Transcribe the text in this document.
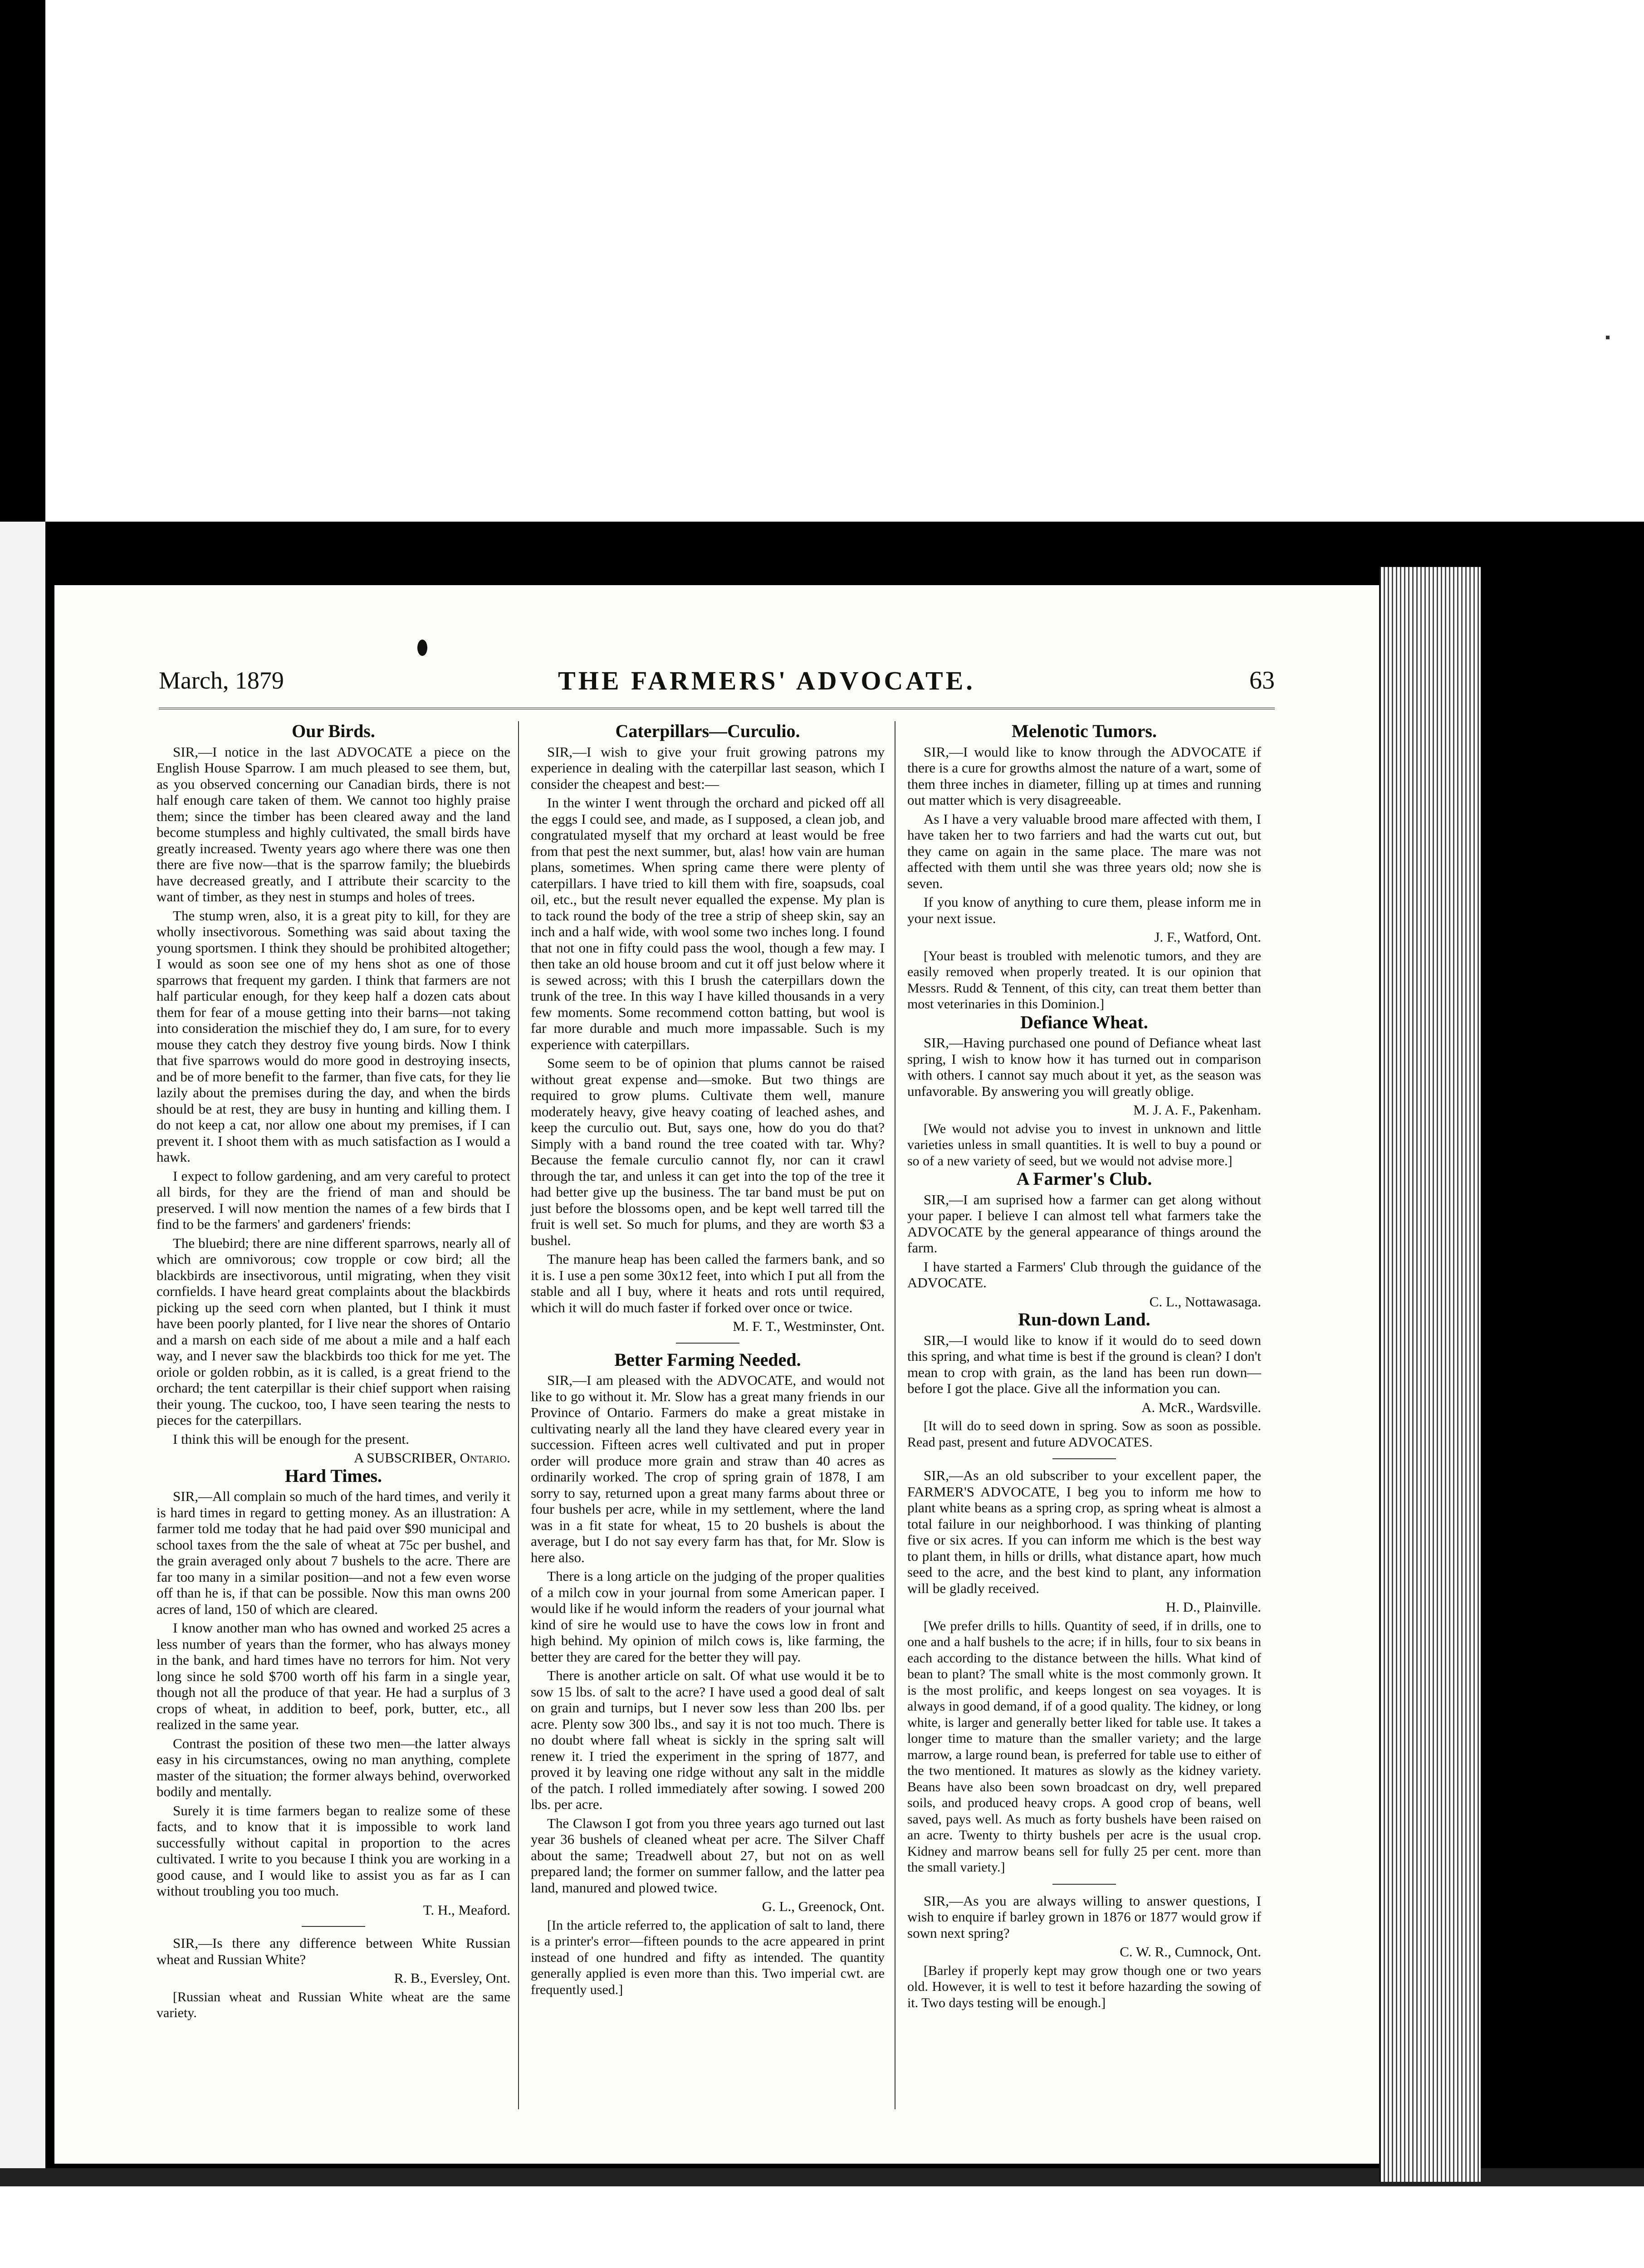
March, 1879	THE FARMERS' ADVOCATE.	63
Our Birds.

SIR,—I notice in the last ADVOCATE a piece on the English House Sparrow. I am much pleased to see them, but, as you observed concerning our Canadian birds, there is not half enough care taken of them. We cannot too highly praise them; since the timber has been cleared away and the land become stumpless and highly cultivated, the small birds have greatly increased. Twenty years ago where there was one then there are five now—that is the sparrow family; the bluebirds have decreased greatly, and I attribute their scarcity to the want of timber, as they nest in stumps and holes of trees.

The stump wren, also, it is a great pity to kill, for they are wholly insectivorous. Something was said about taxing the young sportsmen. I think they should be prohibited altogether; I would as soon see one of my hens shot as one of those sparrows that frequent my garden. I think that farmers are not half particular enough, for they keep half a dozen cats about them for fear of a mouse getting into their barns—not taking into consideration the mischief they do, I am sure, for to every mouse they catch they destroy five young birds. Now I think that five sparrows would do more good in destroying insects, and be of more benefit to the farmer, than five cats, for they lie lazily about the premises during the day, and when the birds should be at rest, they are busy in hunting and killing them. I do not keep a cat, nor allow one about my premises, if I can prevent it. I shoot them with as much satisfaction as I would a hawk.

I expect to follow gardening, and am very careful to protect all birds, for they are the friend of man and should be preserved. I will now mention the names of a few birds that I find to be the farmers' and gardeners' friends:

The bluebird; there are nine different sparrows, nearly all of which are omnivorous; cow tropple or cow bird; all the blackbirds are insectivorous, until migrating, when they visit cornfields. I have heard great complaints about the blackbirds picking up the seed corn when planted, but I think it must have been poorly planted, for I live near the shores of Ontario and a marsh on each side of me about a mile and a half each way, and I never saw the blackbirds too thick for me yet. The oriole or golden robbin, as it is called, is a great friend to the orchard; the tent caterpillar is their chief support when raising their young. The cuckoo, too, I have seen tearing the nests to pieces for the caterpillars.

I think this will be enough for the present.

A SUBSCRIBER, Ontario.

Hard Times.

SIR,—All complain so much of the hard times, and verily it is hard times in regard to getting money. As an illustration: A farmer told me today that he had paid over $90 municipal and school taxes from the the sale of wheat at 75c per bushel, and the grain averaged only about 7 bushels to the acre. There are far too many in a similar position—and not a few even worse off than he is, if that can be possible. Now this man owns 200 acres of land, 150 of which are cleared.

I know another man who has owned and worked 25 acres a less number of years than the former, who has always money in the bank, and hard times have no terrors for him. Not very long since he sold $700 worth off his farm in a single year, though not all the produce of that year. He had a surplus of 3 crops of wheat, in addition to beef, pork, butter, etc., all realized in the same year.

Contrast the position of these two men—the latter always easy in his circumstances, owing no man anything, complete master of the situation; the former always behind, overworked bodily and mentally.

Surely it is time farmers began to realize some of these facts, and to know that it is impossible to work land successfully without capital in proportion to the acres cultivated. I write to you because I think you are working in a good cause, and I would like to assist you as far as I can without troubling you too much.

T. H., Meaford.

SIR,—Is there any difference between White Russian wheat and Russian White?

R. B., Eversley, Ont.

[Russian wheat and Russian White wheat are the same variety.

Caterpillars—Curculio.

SIR,—I wish to give your fruit growing patrons my experience in dealing with the caterpillar last season, which I consider the cheapest and best:—

In the winter I went through the orchard and picked off all the eggs I could see, and made, as I supposed, a clean job, and congratulated myself that my orchard at least would be free from that pest the next summer, but, alas! how vain are human plans, sometimes. When spring came there were plenty of caterpillars. I have tried to kill them with fire, soapsuds, coal oil, etc., but the result never equalled the expense. My plan is to tack round the body of the tree a strip of sheep skin, say an inch and a half wide, with wool some two inches long. I found that not one in fifty could pass the wool, though a few may. I then take an old house broom and cut it off just below where it is sewed across; with this I brush the caterpillars down the trunk of the tree. In this way I have killed thousands in a very few moments. Some recommend cotton batting, but wool is far more durable and much more impassable. Such is my experience with caterpillars.

Some seem to be of opinion that plums cannot be raised without great expense and—smoke. But two things are required to grow plums. Cultivate them well, manure moderately heavy, give heavy coating of leached ashes, and keep the curculio out. But, says one, how do you do that? Simply with a band round the tree coated with tar. Why? Because the female curculio cannot fly, nor can it crawl through the tar, and unless it can get into the top of the tree it had better give up the business. The tar band must be put on just before the blossoms open, and be kept well tarred till the fruit is well set. So much for plums, and they are worth $3 a bushel.

The manure heap has been called the farmers bank, and so it is. I use a pen some 30x12 feet, into which I put all from the stable and all I buy, where it heats and rots until required, which it will do much faster if forked over once or twice.

M. F. T., Westminster, Ont.

Better Farming Needed.

SIR,—I am pleased with the ADVOCATE, and would not like to go without it. Mr. Slow has a great many friends in our Province of Ontario. Farmers do make a great mistake in cultivating nearly all the land they have cleared every year in succession. Fifteen acres well cultivated and put in proper order will produce more grain and straw than 40 acres as ordinarily worked. The crop of spring grain of 1878, I am sorry to say, returned upon a great many farms about three or four bushels per acre, while in my settlement, where the land was in a fit state for wheat, 15 to 20 bushels is about the average, but I do not say every farm has that, for Mr. Slow is here also.

There is a long article on the judging of the proper qualities of a milch cow in your journal from some American paper. I would like if he would inform the readers of your journal what kind of sire he would use to have the cows low in front and high behind. My opinion of milch cows is, like farming, the better they are cared for the better they will pay.

There is another article on salt. Of what use would it be to sow 15 lbs. of salt to the acre? I have used a good deal of salt on grain and turnips, but I never sow less than 200 lbs. per acre. Plenty sow 300 lbs., and say it is not too much. There is no doubt where fall wheat is sickly in the spring salt will renew it. I tried the experiment in the spring of 1877, and proved it by leaving one ridge without any salt in the middle of the patch. I rolled immediately after sowing. I sowed 200 lbs. per acre.

The Clawson I got from you three years ago turned out last year 36 bushels of cleaned wheat per acre. The Silver Chaff about the same; Treadwell about 27, but not on as well prepared land; the former on summer fallow, and the latter pea land, manured and plowed twice.

G. L., Greenock, Ont.

[In the article referred to, the application of salt to land, there is a printer's error—fifteen pounds to the acre appeared in print instead of one hundred and fifty as intended. The quantity generally applied is even more than this. Two imperial cwt. are frequently used.]

Melenotic Tumors.

SIR,—I would like to know through the ADVOCATE if there is a cure for growths almost the nature of a wart, some of them three inches in diameter, filling up at times and running out matter which is very disagreeable.

As I have a very valuable brood mare affected with them, I have taken her to two farriers and had the warts cut out, but they came on again in the same place. The mare was not affected with them until she was three years old; now she is seven.

If you know of anything to cure them, please inform me in your next issue.

J. F., Watford, Ont.

[Your beast is troubled with melenotic tumors, and they are easily removed when properly treated. It is our opinion that Messrs. Rudd & Tennent, of this city, can treat them better than most veterinaries in this Dominion.]

Defiance Wheat.

SIR,—Having purchased one pound of Defiance wheat last spring, I wish to know how it has turned out in comparison with others. I cannot say much about it yet, as the season was unfavorable. By answering you will greatly oblige.

M. J. A. F., Pakenham.

[We would not advise you to invest in unknown and little varieties unless in small quantities. It is well to buy a pound or so of a new variety of seed, but we would not advise more.]

A Farmer's Club.

SIR,—I am suprised how a farmer can get along without your paper. I believe I can almost tell what farmers take the ADVOCATE by the general appearance of things around the farm.

I have started a Farmers' Club through the guidance of the ADVOCATE.

C. L., Nottawasaga.

Run-down Land.

SIR,—I would like to know if it would do to seed down this spring, and what time is best if the ground is clean? I don't mean to crop with grain, as the land has been run down—before I got the place. Give all the information you can.

A. McR., Wardsville.

[It will do to seed down in spring. Sow as soon as possible. Read past, present and future ADVOCATES.

SIR,—As an old subscriber to your excellent paper, the FARMER'S ADVOCATE, I beg you to inform me how to plant white beans as a spring crop, as spring wheat is almost a total failure in our neighborhood. I was thinking of planting five or six acres. If you can inform me which is the best way to plant them, in hills or drills, what distance apart, how much seed to the acre, and the best kind to plant, any information will be gladly received.

H. D., Plainville.

[We prefer drills to hills. Quantity of seed, if in drills, one to one and a half bushels to the acre; if in hills, four to six beans in each according to the distance between the hills. What kind of bean to plant? The small white is the most commonly grown. It is the most prolific, and keeps longest on sea voyages. It is always in good demand, if of a good quality. The kidney, or long white, is larger and generally better liked for table use. It takes a longer time to mature than the smaller variety; and the large marrow, a large round bean, is preferred for table use to either of the two mentioned. It matures as slowly as the kidney variety. Beans have also been sown broadcast on dry, well prepared soils, and produced heavy crops. A good crop of beans, well saved, pays well. As much as forty bushels have been raised on an acre. Twenty to thirty bushels per acre is the usual crop. Kidney and marrow beans sell for fully 25 per cent. more than the small variety.]

SIR,—As you are always willing to answer questions, I wish to enquire if barley grown in 1876 or 1877 would grow if sown next spring?

C. W. R., Cumnock, Ont.

[Barley if properly kept may grow though one or two years old. However, it is well to test it before hazarding the sowing of it. Two days testing will be enough.]
